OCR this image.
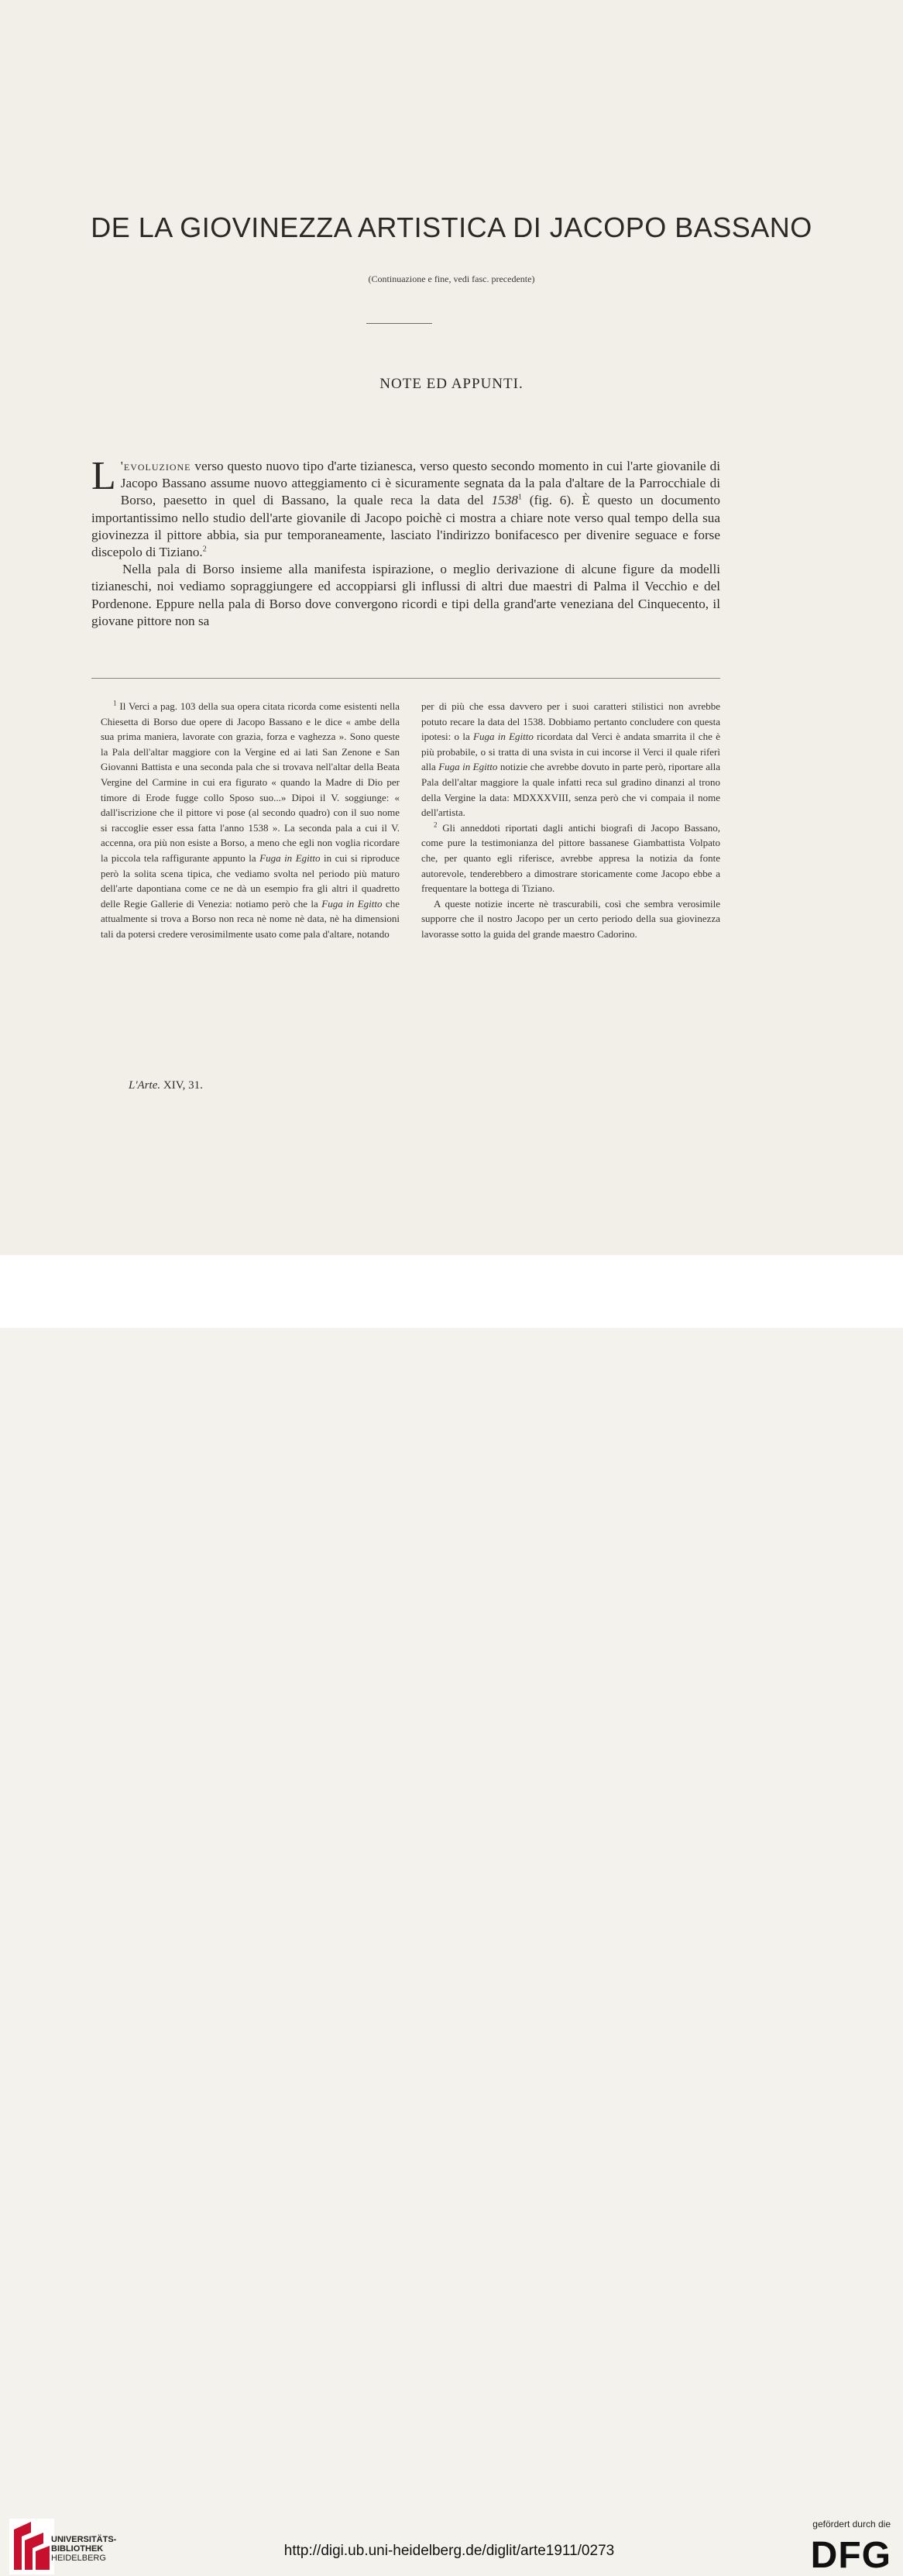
DE LA GIOVINEZZA ARTISTICA DI JACOPO BASSANO
(Continuazione e fine, vedi fasc. precedente)
NOTE ED APPUNTI.

L 'evoluzione verso questo nuovo tipo d'arte tizianesca, verso questo secondo momento in cui l'arte giovanile di Jacopo Bassano assume nuovo atteggiamento ci è sicuramente segnata da la pala d'altare de la Parrocchiale di Borso, paesetto in quel di Bassano, la quale reca la data del 1538$^1$ (fig. 6). È questo un documento importantissimo nello studio dell'arte giovanile di Jacopo poichè ci mostra a chiare note verso qual tempo della sua giovinezza il pittore abbia, sia pur temporaneamente, lasciato l'indirizzo bonifacesco per divenire seguace e forse discepolo di Tiziano.$^2$

Nella pala di Borso insieme alla manifesta ispirazione, o meglio derivazione di alcune figure da modelli tizianeschi, noi vediamo sopraggiungere ed accoppiarsi gli influssi di altri due maestri di Palma il Vecchio e del Pordenone. Eppure nella pala di Borso dove convergono ricordi e tipi della grand'arte veneziana del Cinquecento, il giovane pittore non sa

$^1$ Il Verci a pag. 103 della sua opera citata ricorda come esistenti nella Chiesetta di Borso due opere di Jacopo Bassano e le dice « ambe della sua prima maniera, lavorate con grazia, forza e vaghezza ». Sono queste la Pala dell'altar maggiore con la Vergine ed ai lati San Zenone e San Giovanni Battista e una seconda pala che si trovava nell'altar della Beata Vergine del Carmine in cui era figurato « quando la Madre di Dio per timore di Erode fugge collo Sposo suo...» Dipoi il V. soggiunge: « dall'iscrizione che il pittore vi pose (al secondo quadro) con il suo nome si raccoglie esser essa fatta l'anno 1538 ». La seconda pala a cui il V. accenna, ora più non esiste a Borso, a meno che egli non voglia ricordare la piccola tela raffigurante appunto la Fuga in Egitto in cui si riproduce però la solita scena tipica, che vediamo svolta nel periodo più maturo dell'arte dapontiana come ce ne dà un esempio fra gli altri il quadretto delle Regie Gallerie di Venezia: notiamo però che la Fuga in Egitto che attualmente si trova a Borso non reca nè nome nè data, nè ha dimensioni tali da potersi credere verosimilmente usato come pala d'altare, notando

per di più che essa davvero per i suoi caratteri stilistici non avrebbe potuto recare la data del 1538. Dobbiamo pertanto concludere con questa ipotesi: o la Fuga in Egitto ricordata dal Verci è andata smarrita il che è più probabile, o si tratta di una svista in cui incorse il Verci il quale riferì alla Fuga in Egitto notizie che avrebbe dovuto in parte però, riportare alla Pala dell'altar maggiore la quale infatti reca sul gradino dinanzi al trono della Vergine la data: MDXXXVIII, senza però che vi compaia il nome dell'artista.

$^2$ Gli anneddoti riportati dagli antichi biografi di Jacopo Bassano, come pure la testimonianza del pittore bassanese Giambattista Volpato che, per quanto egli riferisce, avrebbe appresa la notizia da fonte autorevole, tenderebbero a dimostrare storicamente come Jacopo ebbe a frequentare la bottega di Tiziano.

A queste notizie incerte nè trascurabili, così che sembra verosimile supporre che il nostro Jacopo per un certo periodo della sua giovinezza lavorasse sotto la guida del grande maestro Cadorino.

L'Arte. XIV, 31.
UNIVERSITÄTS-
BIBLIOTHEK
HEIDELBERG	http://digi.ub.uni-heidelberg.de/diglit/arte1911/0273
gefördert durch die
DFG
